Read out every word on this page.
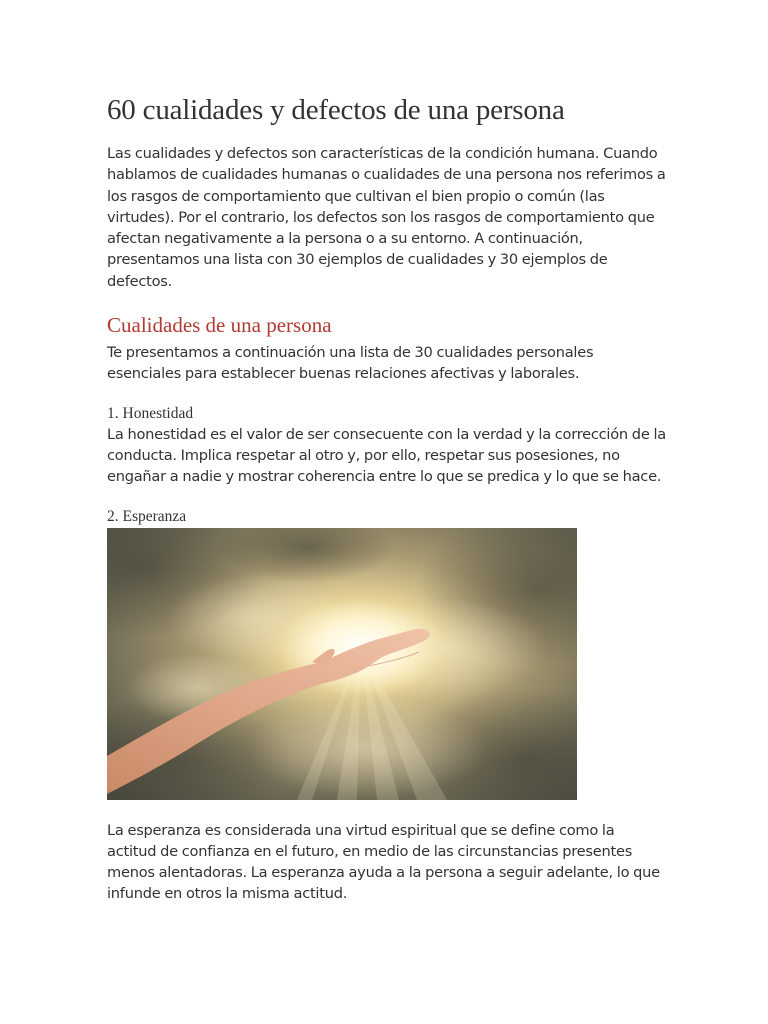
60 cualidades y defectos de una persona

Las cualidades y defectos son características de la condición humana. Cuando hablamos de cualidades humanas o cualidades de una persona nos referimos a los rasgos de comportamiento que cultivan el bien propio o común (las virtudes). Por el contrario, los defectos son los rasgos de comportamiento que afectan negativamente a la persona o a su entorno. A continuación, presentamos una lista con 30 ejemplos de cualidades y 30 ejemplos de defectos.

Cualidades de una persona

Te presentamos a continuación una lista de 30 cualidades personales esenciales para establecer buenas relaciones afectivas y laborales.

1. Honestidad

La honestidad es el valor de ser consecuente con la verdad y la corrección de la conducta. Implica respetar al otro y, por ello, respetar sus posesiones, no engañar a nadie y mostrar coherencia entre lo que se predica y lo que se hace.

2. Esperanza

La esperanza es considerada una virtud espiritual que se define como la actitud de confianza en el futuro, en medio de las circunstancias presentes menos alentadoras. La esperanza ayuda a la persona a seguir adelante, lo que infunde en otros la misma actitud.
